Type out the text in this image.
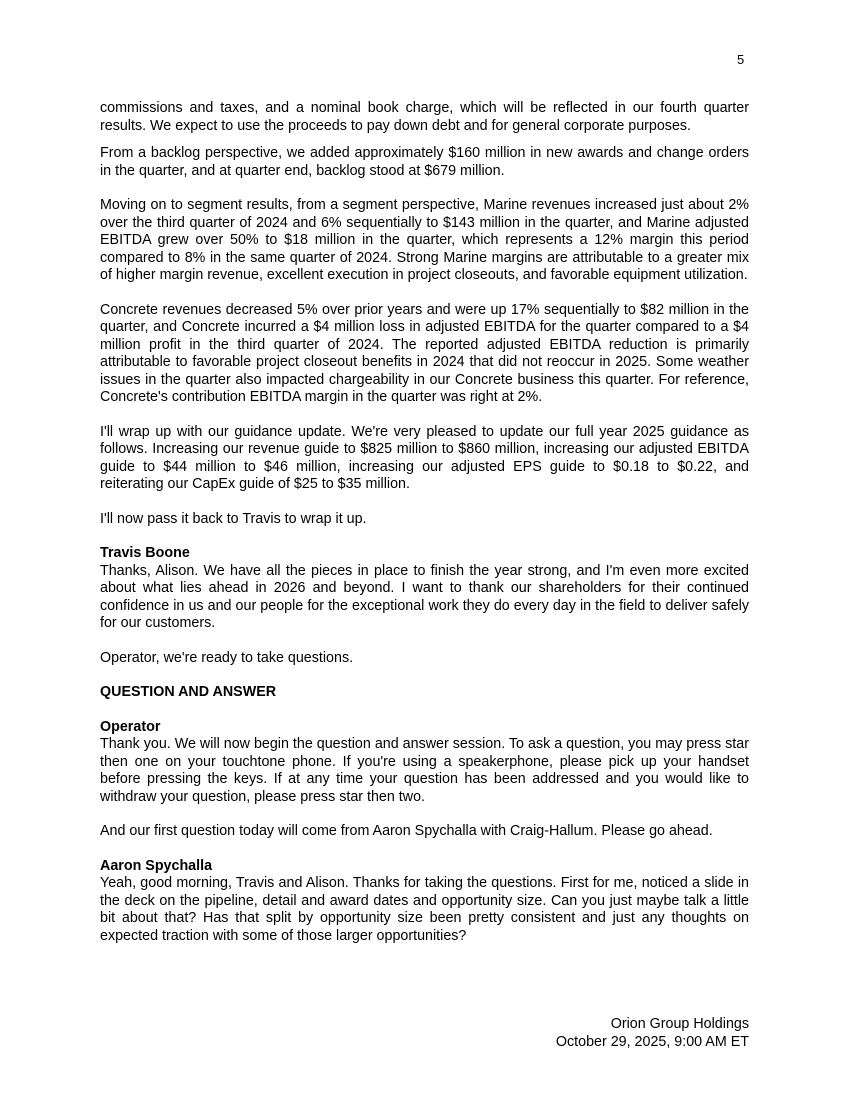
5

commissions and taxes, and a nominal book charge, which will be reflected in our fourth quarter results. We expect to use the proceeds to pay down debt and for general corporate purposes.

From a backlog perspective, we added approximately $160 million in new awards and change orders in the quarter, and at quarter end, backlog stood at $679 million.

Moving on to segment results, from a segment perspective, Marine revenues increased just about 2% over the third quarter of 2024 and 6% sequentially to $143 million in the quarter, and Marine adjusted EBITDA grew over 50% to $18 million in the quarter, which represents a 12% margin this period compared to 8% in the same quarter of 2024. Strong Marine margins are attributable to a greater mix of higher margin revenue, excellent execution in project closeouts, and favorable equipment utilization.

Concrete revenues decreased 5% over prior years and were up 17% sequentially to $82 million in the quarter, and Concrete incurred a $4 million loss in adjusted EBITDA for the quarter compared to a $4 million profit in the third quarter of 2024. The reported adjusted EBITDA reduction is primarily attributable to favorable project closeout benefits in 2024 that did not reoccur in 2025. Some weather issues in the quarter also impacted chargeability in our Concrete business this quarter. For reference, Concrete's contribution EBITDA margin in the quarter was right at 2%.

I'll wrap up with our guidance update. We're very pleased to update our full year 2025 guidance as follows. Increasing our revenue guide to $825 million to $860 million, increasing our adjusted EBITDA guide to $44 million to $46 million, increasing our adjusted EPS guide to $0.18 to $0.22, and reiterating our CapEx guide of $25 to $35 million.

I'll now pass it back to Travis to wrap it up.

Travis Boone

Thanks, Alison. We have all the pieces in place to finish the year strong, and I'm even more excited about what lies ahead in 2026 and beyond. I want to thank our shareholders for their continued confidence in us and our people for the exceptional work they do every day in the field to deliver safely for our customers.

Operator, we're ready to take questions.

QUESTION AND ANSWER

Operator

Thank you. We will now begin the question and answer session. To ask a question, you may press star then one on your touchtone phone. If you're using a speakerphone, please pick up your handset before pressing the keys. If at any time your question has been addressed and you would like to withdraw your question, please press star then two.

And our first question today will come from Aaron Spychalla with Craig-Hallum. Please go ahead.

Aaron Spychalla

Yeah, good morning, Travis and Alison. Thanks for taking the questions. First for me, noticed a slide in the deck on the pipeline, detail and award dates and opportunity size. Can you just maybe talk a little bit about that? Has that split by opportunity size been pretty consistent and just any thoughts on expected traction with some of those larger opportunities?

Orion Group Holdings
October 29, 2025, 9:00 AM ET
